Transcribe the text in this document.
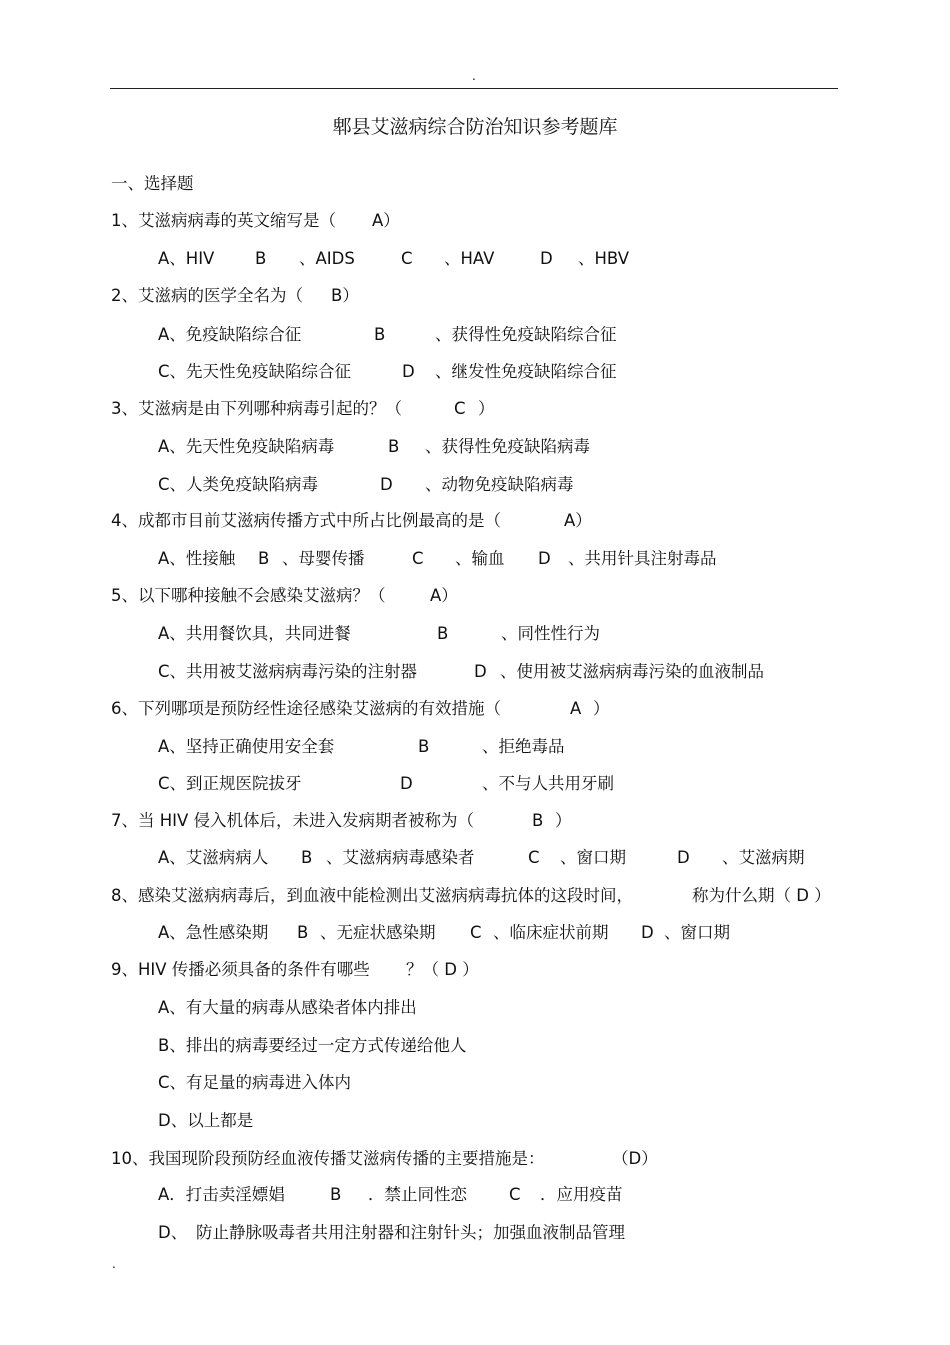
.
郫县艾滋病综合防治知识参考题库
一、选择题
1、艾滋病病毒的英文缩写是（ A）
A、HIV B 、AIDS	C 、HAV	D 、HBV
2、艾滋病的医学全名为（ B）
A、免疫缺陷综合征	B	、获得性免疫缺陷综合征
C、先天性免疫缺陷综合征	D 、继发性免疫缺陷综合征
3、艾滋病是由下列哪种病毒引起的？（	C ）
A、先天性免疫缺陷病毒	B 、获得性免疫缺陷病毒
C、人类免疫缺陷病毒	D 、动物免疫缺陷病毒
4、成都市目前艾滋病传播方式中所占比例最高的是（	A）
A、性接触 B 、母婴传播	C 、输血 D 、共用针具注射毒品
5、以下哪种接触不会感染艾滋病？（	A）
A、共用餐饮具，共同进餐	B	、同性性行为
C、共用被艾滋病病毒污染的注射器	D 、使用被艾滋病病毒污染的血液制品
6、下列哪项是预防经性途径感染艾滋病的有效措施（	A ）
A、坚持正确使用安全套	B	、拒绝毒品
C、到正规医院拔牙	D	、不与人共用牙刷
7、当 HIV 侵入机体后，未进入发病期者被称为（	B ）
A、艾滋病病人 B 、艾滋病病毒感染者	C 、窗口期	D 、艾滋病期
8、感染艾滋病病毒后，到血液中能检测出艾滋病病毒抗体的这段时间，	称为什么期（ D ）
A、急性感染期 B 、无症状感染期 C 、临床症状前期 D 、窗口期
9、HIV 传播必须具备的条件有哪些 ？（ D ）
A、有大量的病毒从感染者体内排出
B、排出的病毒要经过一定方式传递给他人
C、有足量的病毒进入体内
D、以上都是
10、我国现阶段预防经血液传播艾滋病传播的主要措施是：	（D）
A．打击卖淫嫖娼	B ．禁止同性恋	C ．应用疫苗
D、 防止静脉吸毒者共用注射器和注射针头；加强血液制品管理
.
